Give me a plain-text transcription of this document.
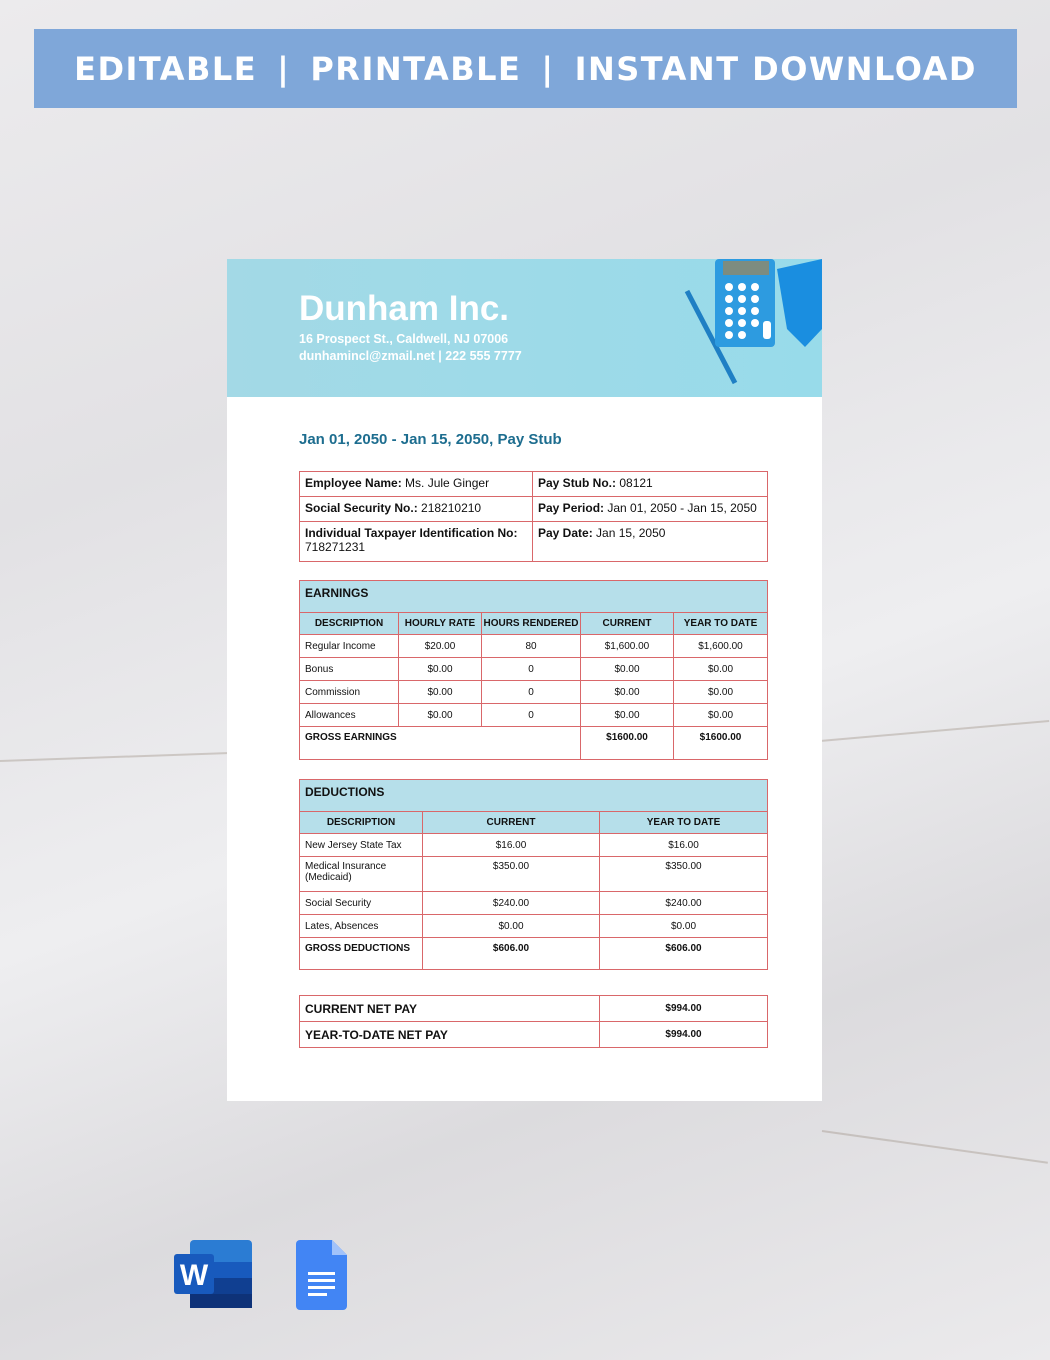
EDITABLE | PRINTABLE | INSTANT DOWNLOAD
Dunham Inc.
16 Prospect St., Caldwell, NJ 07006
dunhamincl@zmail.net | 222 555 7777
Jan 01, 2050 - Jan 15, 2050, Pay Stub
Employee Name: Ms. Jule Ginger	Pay Stub No.: 08121
Social Security No.: 218210210	Pay Period: Jan 01, 2050 - Jan 15, 2050
Individual Taxpayer Identification No:
718271231	Pay Date: Jan 15, 2050
EARNINGS				
DESCRIPTION	HOURLY RATE	HOURS RENDERED	CURRENT	YEAR TO DATE
Regular Income	$20.00	80	$1,600.00	$1,600.00
Bonus	$0.00	0	$0.00	$0.00
Commission	$0.00	0	$0.00	$0.00
Allowances	$0.00	0	$0.00	$0.00
GROSS EARNINGS			$1600.00	$1600.00
DEDUCTIONS		
DESCRIPTION	CURRENT	YEAR TO DATE
New Jersey State Tax	$16.00	$16.00
Medical Insurance (Medicaid)	$350.00	$350.00
Social Security	$240.00	$240.00
Lates, Absences	$0.00	$0.00
GROSS DEDUCTIONS	$606.00	$606.00
CURRENT NET PAY	$994.00
YEAR-TO-DATE NET PAY	$994.00
W
